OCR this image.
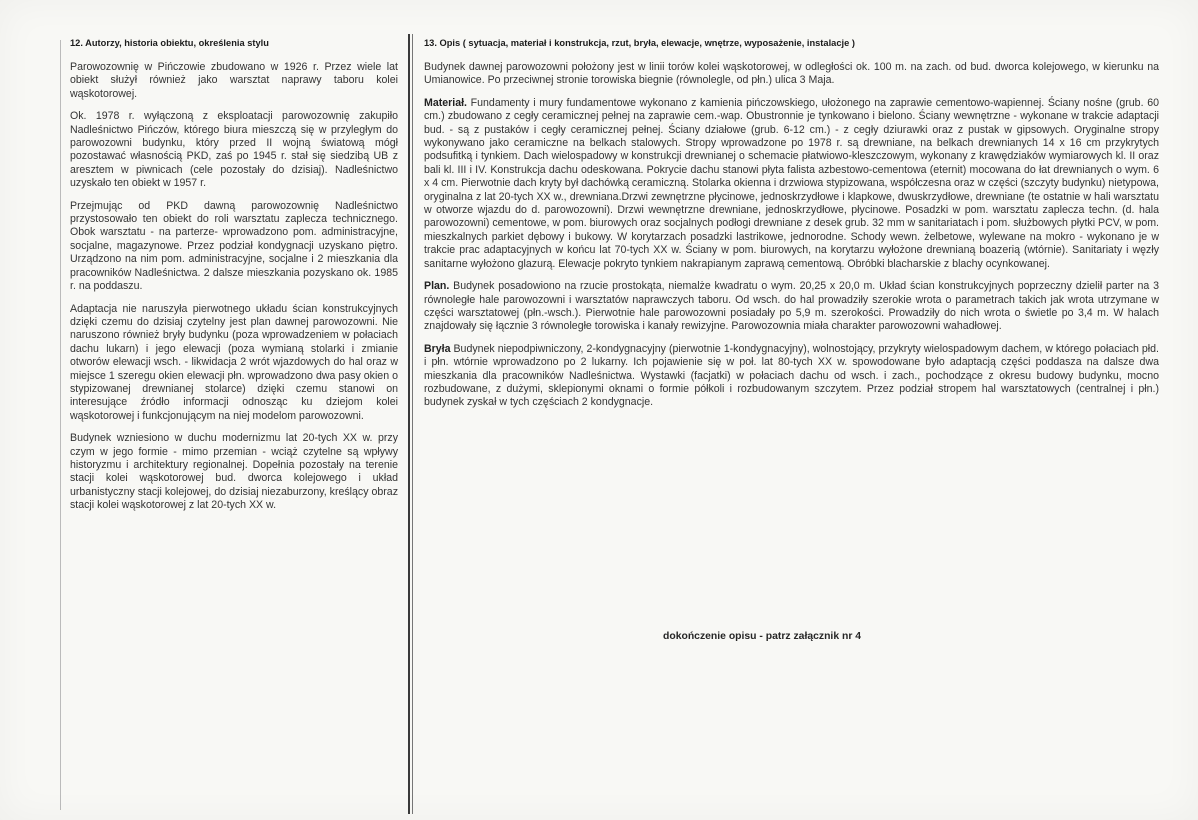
12. Autorzy, historia obiektu, określenia stylu

Parowozownię w Pińczowie zbudowano w 1926 r. Przez wiele lat obiekt służył również jako warsztat naprawy taboru kolei wąskotorowej.

Ok. 1978 r. wyłączoną z eksploatacji parowozownię zakupiło Nadleśnictwo Pińczów, którego biura mieszczą się w przyległym do parowozowni budynku, który przed II wojną światową mógł pozostawać własnością PKD, zaś po 1945 r. stał się siedzibą UB z aresztem w piwnicach (cele pozostały do dzisiaj). Nadleśnictwo uzyskało ten obiekt w 1957 r.

Przejmując od PKD dawną parowozownię Nadleśnictwo przystosowało ten obiekt do roli warsztatu zaplecza technicznego. Obok warsztatu - na parterze- wprowadzono pom. administracyjne, socjalne, magazynowe. Przez podział kondygnacji uzyskano piętro. Urządzono na nim pom. administracyjne, socjalne i 2 mieszkania dla pracowników Nadleśnictwa. 2 dalsze mieszkania pozyskano ok. 1985 r. na poddaszu.

Adaptacja nie naruszyła pierwotnego układu ścian konstrukcyjnych dzięki czemu do dzisiaj czytelny jest plan dawnej parowozowni. Nie naruszono również bryły budynku (poza wprowadzeniem w połaciach dachu lukarn) i jego elewacji (poza wymianą stolarki i zmianie otworów elewacji wsch. - likwidacja 2 wrót wjazdowych do hal oraz w miejsce 1 szeregu okien elewacji płn. wprowadzono dwa pasy okien o stypizowanej drewnianej stolarce) dzięki czemu stanowi on interesujące źródło informacji odnosząc ku dziejom kolei wąskotorowej i funkcjonującym na niej modelom parowozowni.

Budynek wzniesiono w duchu modernizmu lat 20-tych XX w. przy czym w jego formie - mimo przemian - wciąż czytelne są wpływy historyzmu i architektury regionalnej. Dopełnia pozostały na terenie stacji kolei wąskotorowej bud. dworca kolejowego i układ urbanistyczny stacji kolejowej, do dzisiaj niezaburzony, kreślący obraz stacji kolei wąskotorowej z lat 20-tych XX w.

13. Opis ( sytuacja, materiał i konstrukcja, rzut, bryła, elewacje, wnętrze, wyposażenie, instalacje )

Budynek dawnej parowozowni położony jest w linii torów kolei wąskotorowej, w odległości ok. 100 m. na zach. od bud. dworca kolejowego, w kierunku na Umianowice. Po przeciwnej stronie torowiska biegnie (równolegle, od płn.) ulica 3 Maja.

Materiał. Fundamenty i mury fundamentowe wykonano z kamienia pińczowskiego, ułożonego na zaprawie cementowo-wapiennej. Ściany nośne (grub. 60 cm.) zbudowano z cegły ceramicznej pełnej na zaprawie cem.-wap. Obustronnie je tynkowano i bielono. Ściany wewnętrzne - wykonane w trakcie adaptacji bud. - są z pustaków i cegły ceramicznej pełnej. Ściany działowe (grub. 6-12 cm.) - z cegły dziurawki oraz z pustak w gipsowych. Oryginalne stropy wykonywano jako ceramiczne na belkach stalowych. Stropy wprowadzone po 1978 r. są drewniane, na belkach drewnianych 14 x 16 cm przykrytych podsufitką i tynkiem. Dach wielospadowy w konstrukcji drewnianej o schemacie płatwiowo-kleszczowym, wykonany z krawędziaków wymiarowych kl. II oraz bali kl. III i IV. Konstrukcja dachu odeskowana. Pokrycie dachu stanowi płyta falista azbestowo-cementowa (eternit) mocowana do łat drewnianych o wym. 6 x 4 cm. Pierwotnie dach kryty był dachówką ceramiczną. Stolarka okienna i drzwiowa stypizowana, współczesna oraz w części (szczyty budynku) nietypowa, oryginalna z lat 20-tych XX w., drewniana.Drzwi zewnętrzne płycinowe, jednoskrzydłowe i klapkowe, dwuskrzydłowe, drewniane (te ostatnie w hali warsztatu w otworze wjazdu do d. parowozowni). Drzwi wewnętrzne drewniane, jednoskrzydłowe, płycinowe. Posadzki w pom. warsztatu zaplecza techn. (d. hala parowozowni) cementowe, w pom. biurowych oraz socjalnych podłogi drewniane z desek grub. 32 mm w sanitariatach i pom. służbowych płytki PCV, w pom. mieszkalnych parkiet dębowy i bukowy. W korytarzach posadzki lastrikowe, jednorodne. Schody wewn. żelbetowe, wylewane na mokro - wykonano je w trakcie prac adaptacyjnych w końcu lat 70-tych XX w. Ściany w pom. biurowych, na korytarzu wyłożone drewnianą boazerią (wtórnie). Sanitariaty i węzły sanitarne wyłożono glazurą. Elewacje pokryto tynkiem nakrapianym zaprawą cementową. Obróbki blacharskie z blachy ocynkowanej.

Plan. Budynek posadowiono na rzucie prostokąta, niemalże kwadratu o wym. 20,25 x 20,0 m. Układ ścian konstrukcyjnych poprzeczny dzielił parter na 3 równoległe hale parowozowni i warsztatów naprawczych taboru. Od wsch. do hal prowadziły szerokie wrota o parametrach takich jak wrota utrzymane w części warsztatowej (płn.-wsch.). Pierwotnie hale parowozowni posiadały po 5,9 m. szerokości. Prowadziły do nich wrota o świetle po 3,4 m. W halach znajdowały się łącznie 3 równoległe torowiska i kanały rewizyjne. Parowozownia miała charakter parowozowni wahadłowej.

Bryła Budynek niepodpiwniczony, 2-kondygnacyjny (pierwotnie 1-kondygnacyjny), wolnostojący, przykryty wielospadowym dachem, w którego połaciach płd. i płn. wtórnie wprowadzono po 2 lukarny. Ich pojawienie się w poł. lat 80-tych XX w. spowodowane było adaptacją części poddasza na dalsze dwa mieszkania dla pracowników Nadleśnictwa. Wystawki (facjatki) w połaciach dachu od wsch. i zach., pochodzące z okresu budowy budynku, mocno rozbudowane, z dużymi, sklepionymi oknami o formie półkoli i rozbudowanym szczytem. Przez podział stropem hal warsztatowych (centralnej i płn.) budynek zyskał w tych częściach 2 kondygnacje.

dokończenie opisu - patrz załącznik nr 4
